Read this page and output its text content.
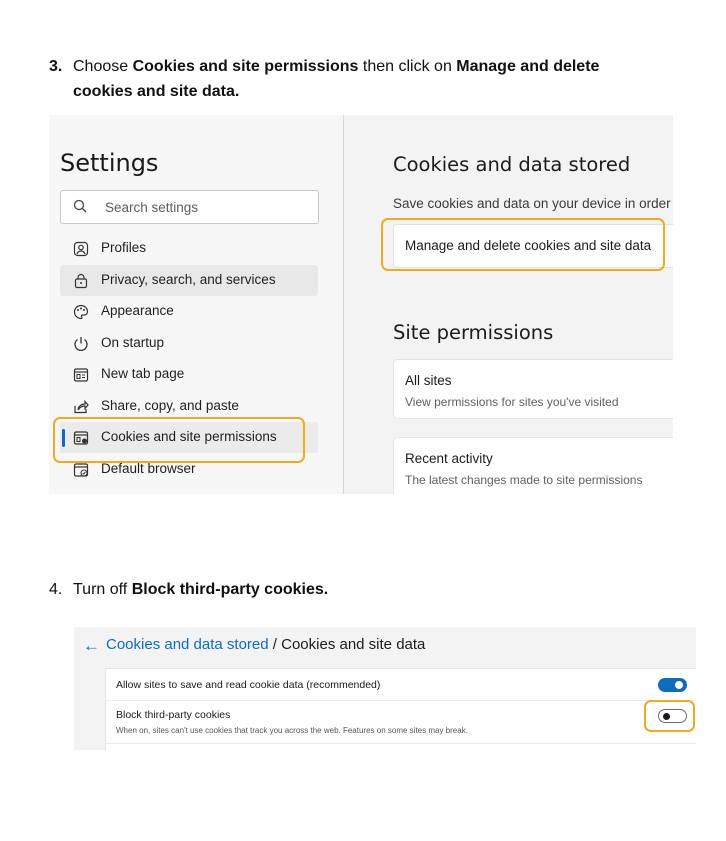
3. Choose Cookies and site permissions then click on Manage and delete
cookies and site data.
Settings
Search settings
Profiles
Privacy, search, and services
Appearance
On startup
New tab page
Share, copy, and paste
Cookies and site permissions
Default browser
Cookies and data stored
Save cookies and data on your device in order
Manage and delete cookies and site data
Site permissions
All sites
View permissions for sites you've visited
Recent activity
The latest changes made to site permissions
4. Turn off Block third-party cookies.
← Cookies and data stored / Cookies and site data
Allow sites to save and read cookie data (recommended)
Block third-party cookies
When on, sites can't use cookies that track you across the web. Features on some sites may break.
